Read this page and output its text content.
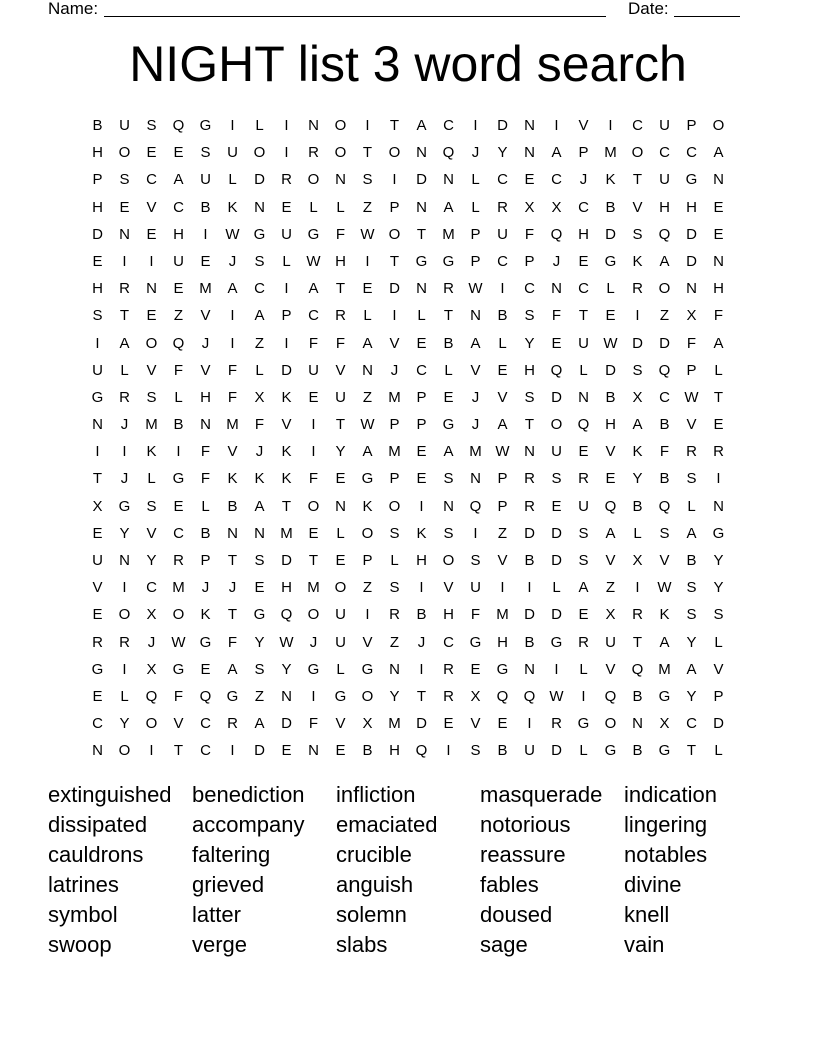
Name:	Date:
NIGHT list 3 word search
B	U	S	Q	G	I	L	I	N	O	I	T	A	C	I	D	N	I	V	I	C	U	P	O
H	O	E	E	S	U	O	I	R	O	T	O	N	Q	J	Y	N	A	P	M O	C	C	A
P	S	C	A	U	L	D	R	O	N	S	I	D	N	L	C	E	C	J	K	T	U	G	N
H	E	V	C	B	K	N	E	L	L	Z	P	N	A	L	R	X	X	C	B	V	H	H	E
D	N	E	H	I	W G	U	G	F	W O	T	M	P	U	F	Q	H	D	S	Q	D	E
E	I	I	U	E	J	S	L	W H	I	T	G	G	P	C	P	J	E	G	K	A	D	N
H	R	N	E	M	A	C	I	A	T	E	D	N	R W	I	C	N	C	L	R	O	N	H
S	T	E	Z	V	I	A	P	C	R	L	I	L	T	N	B	S	F	T	E	I	Z	X	F
I	A	O	Q	J	I	Z	I	F	F	A	V	E	B	A	L	Y	E	U W D	D	F	A
U	L	V	F	V	F	L	D	U	V	N	J	C	L	V	E	H	Q	L	D	S	Q	P	L
G	R	S	L	H	F	X	K	E	U	Z	M	P	E	J	V	S	D	N	B	X	C W	T
N	J	M	B	N	M	F	V	I	T	W P	P	G	J	A	T	O	Q	H	A	B	V	E
I	I	K	I	F	V	J	K	I	Y	A	M	E	A	M W N	U	E	V	K	F	R	R
T	J	L	G	F	K	K	K	F	E	G	P	E	S	N	P	R	S	R	E	Y	B	S	I
X	G	S	E	L	B	A	T	O	N	K	O	I	N	Q	P	R	E	U	Q	B	Q	L	N
E	Y	V	C	B	N	N	M	E	L	O	S	K	S	I	Z	D	D	S	A	L	S	A	G
U	N	Y	R	P	T	S	D	T	E	P	L	H	O	S	V	B	D	S	V	X	V	B	Y
V	I	C	M	J	J	E	H	M O	Z	S	I	V	U	I	I	L	A	Z	I	W S	Y
E	O	X	O	K	T	G	Q	O	U	I	R	B	H	F	M	D	D	E	X	R	K	S	S
R	R	J	W G	F	Y W	J	U	V	Z	J	C	G	H	B	G	R	U	T	A	Y	L
G	I	X	G	E	A	S	Y	G	L	G	N	I	R	E	G	N	I	L	V	Q M	A	V
E	L	Q	F	Q	G	Z	N	I	G	O	Y	T	R	X	Q	Q W	I	Q	B	G	Y	P
C	Y	O	V	C	R	A	D	F	V	X	M	D	E	V	E	I	R	G	O	N	X	C	D
N	O	I	T	C	I	D	E	N	E	B	H	Q	I	S	B	U	D	L	G	B	G	T	L
extinguished benediction	infliction	masquerade indication
dissipated	accompany	emaciated	notorious	lingering
cauldrons	faltering	crucible	reassure	notables
latrines	grieved	anguish	fables	divine
symbol	latter	solemn	doused	knell
swoop	verge	slabs	sage	vain
